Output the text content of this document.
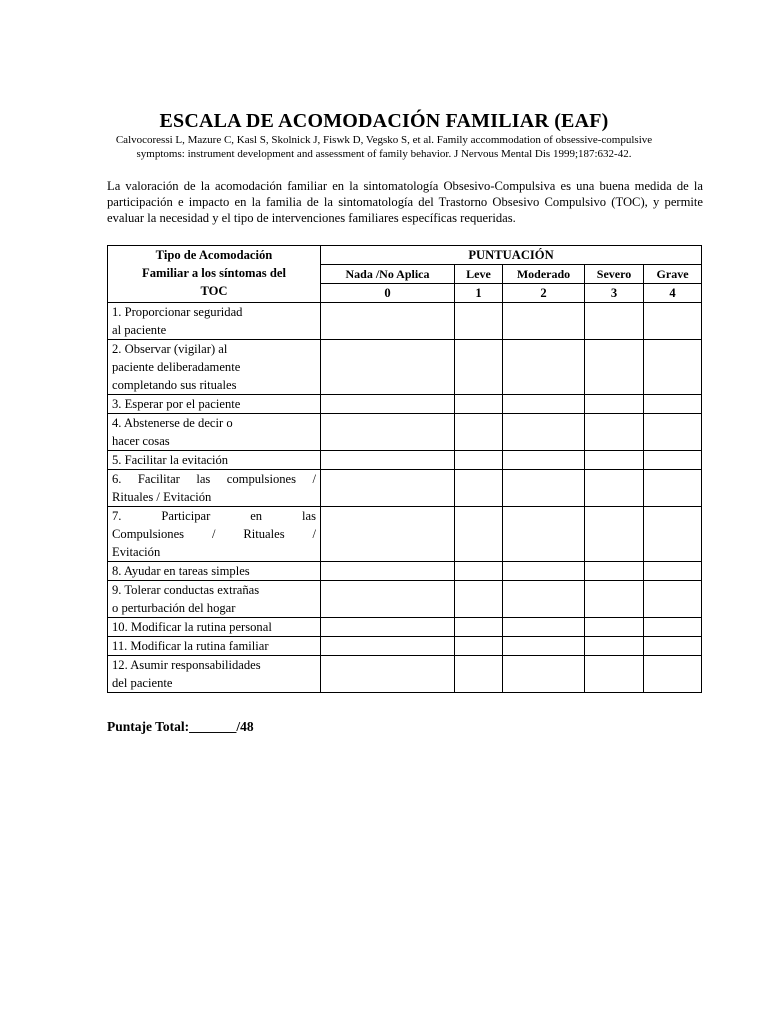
ESCALA DE ACOMODACIÓN FAMILIAR (EAF)
Calvocoressi L, Mazure C, Kasl S, Skolnick J, Fiswk D, Vegsko S, et al. Family accommodation of obsessive-compulsive
symptoms: instrument development and assessment of family behavior. J Nervous Mental Dis 1999;187:632-42.
La valoración de la acomodación familiar en la sintomatología Obsesivo-Compulsiva es una buena medida de la participación e impacto en la familia de la sintomatología del Trastorno Obsesivo Compulsivo (TOC), y permite evaluar la necesidad y el tipo de intervenciones familiares específicas requeridas.
Tipo de Acomodación
Familiar a los síntomas del
TOC	PUNTUACIÓN				
	Nada /No Aplica	Leve	Moderado	Severo	Grave
	0	1	2	3	4

1. Proporcionar seguridad
al paciente					

2. Observar (vigilar) al
paciente deliberadamente
completando sus rituales					

3. Esperar por el paciente					

4. Abstenerse de decir o
hacer cosas					

5. Facilitar la evitación					

6. Facilitar las compulsiones /
Rituales / Evitación					

7. Participar en las
Compulsiones / Rituales /
Evitación					

8. Ayudar en tareas simples					

9. Tolerar conductas extrañas
o perturbación del hogar					

10. Modificar la rutina personal					

11. Modificar la rutina familiar					

12. Asumir responsabilidades
del paciente					

Puntaje Total:_______/48
